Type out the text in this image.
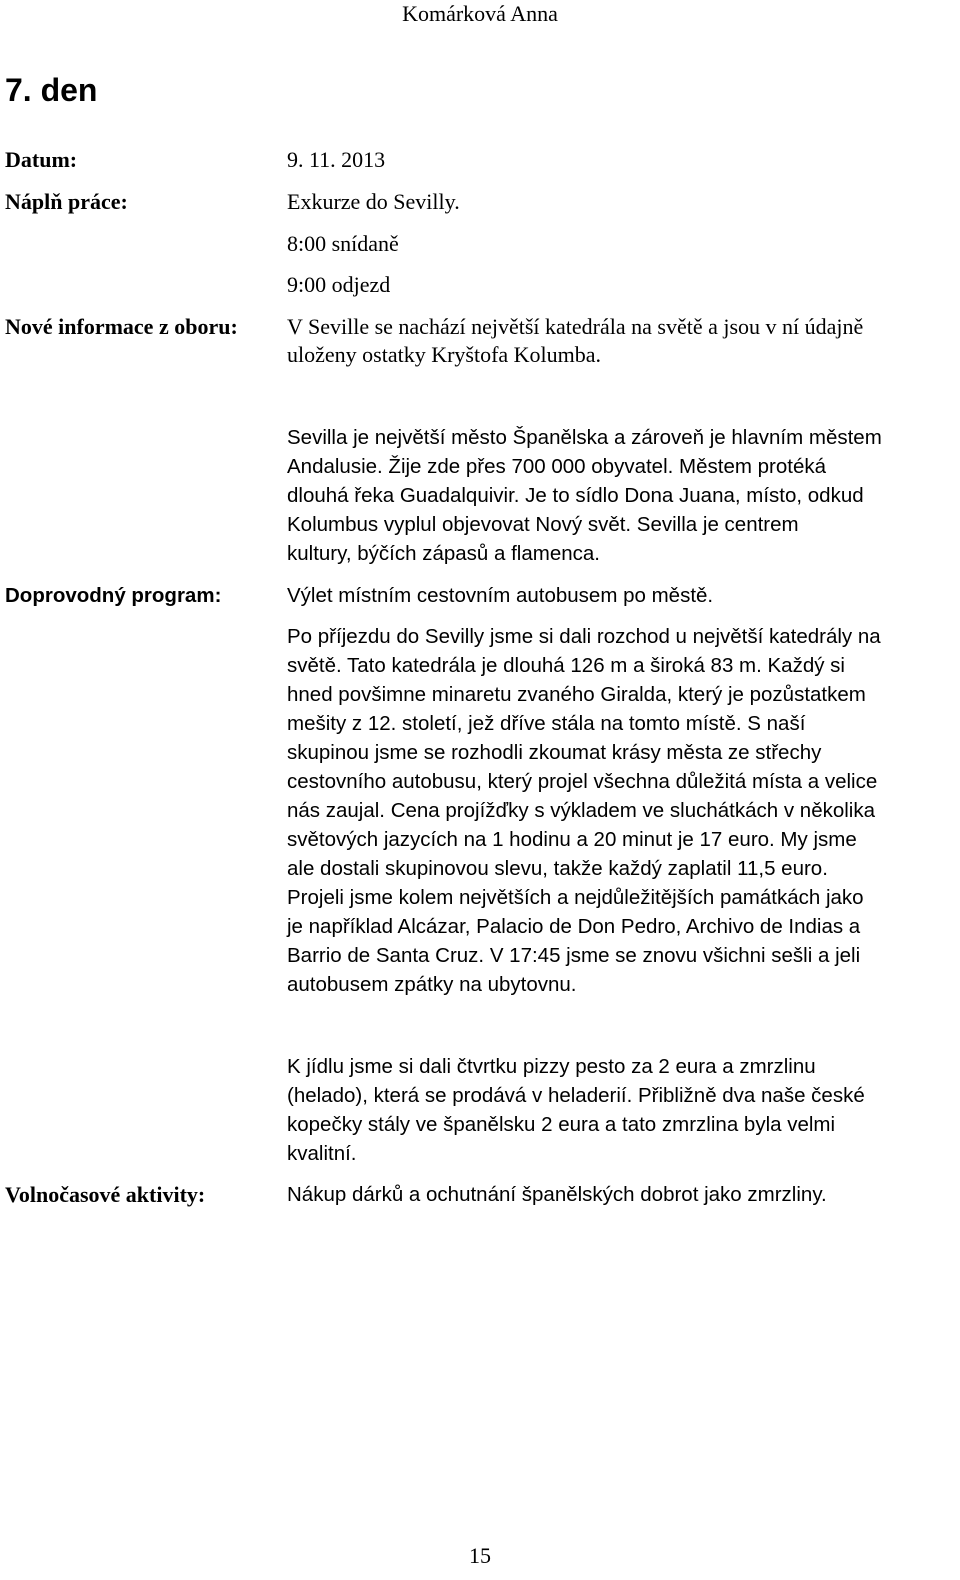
Komárková Anna
7. den
Datum:	9. 11. 2013
Náplň práce:	Exkurze do Sevilly.
8:00 snídaně
9:00 odjezd
Nové informace z oboru: V Seville se nachází největší katedrála na světě a jsou v ní údajně
uloženy ostatky Kryštofa Kolumba.
Sevilla je největší město Španělska a zároveň je hlavním městem
Andalusie. Žije zde přes 700 000 obyvatel. Městem protéká
dlouhá řeka Guadalquivir. Je to sídlo Dona Juana, místo, odkud
Kolumbus vyplul objevovat Nový svět. Sevilla je centrem
kultury, býčích zápasů a flamenca.
Doprovodný program:	Výlet místním cestovním autobusem po městě.
Po příjezdu do Sevilly jsme si dali rozchod u největší katedrály na
světě. Tato katedrála je dlouhá 126 m a široká 83 m. Každý si
hned povšimne minaretu zvaného Giralda, který je pozůstatkem
mešity z 12. století, jež dříve stála na tomto místě. S naší
skupinou jsme se rozhodli zkoumat krásy města ze střechy
cestovního autobusu, který projel všechna důležitá místa a velice
nás zaujal. Cena projížďky s výkladem ve sluchátkách v několika
světových jazycích na 1 hodinu a 20 minut je 17 euro. My jsme
ale dostali skupinovou slevu, takže každý zaplatil 11,5 euro.
Projeli jsme kolem největších a nejdůležitějších památkách jako
je například Alcázar, Palacio de Don Pedro, Archivo de Indias a
Barrio de Santa Cruz. V 17:45 jsme se znovu všichni sešli a jeli
autobusem zpátky na ubytovnu.
K jídlu jsme si dali čtvrtku pizzy pesto za 2 eura a zmrzlinu
(helado), která se prodává v heladerií. Přibližně dva naše české
kopečky stály ve španělsku 2 eura a tato zmrzlina byla velmi
kvalitní.
Volnočasové aktivity:	Nákup dárků a ochutnání španělských dobrot jako zmrzliny.
15
